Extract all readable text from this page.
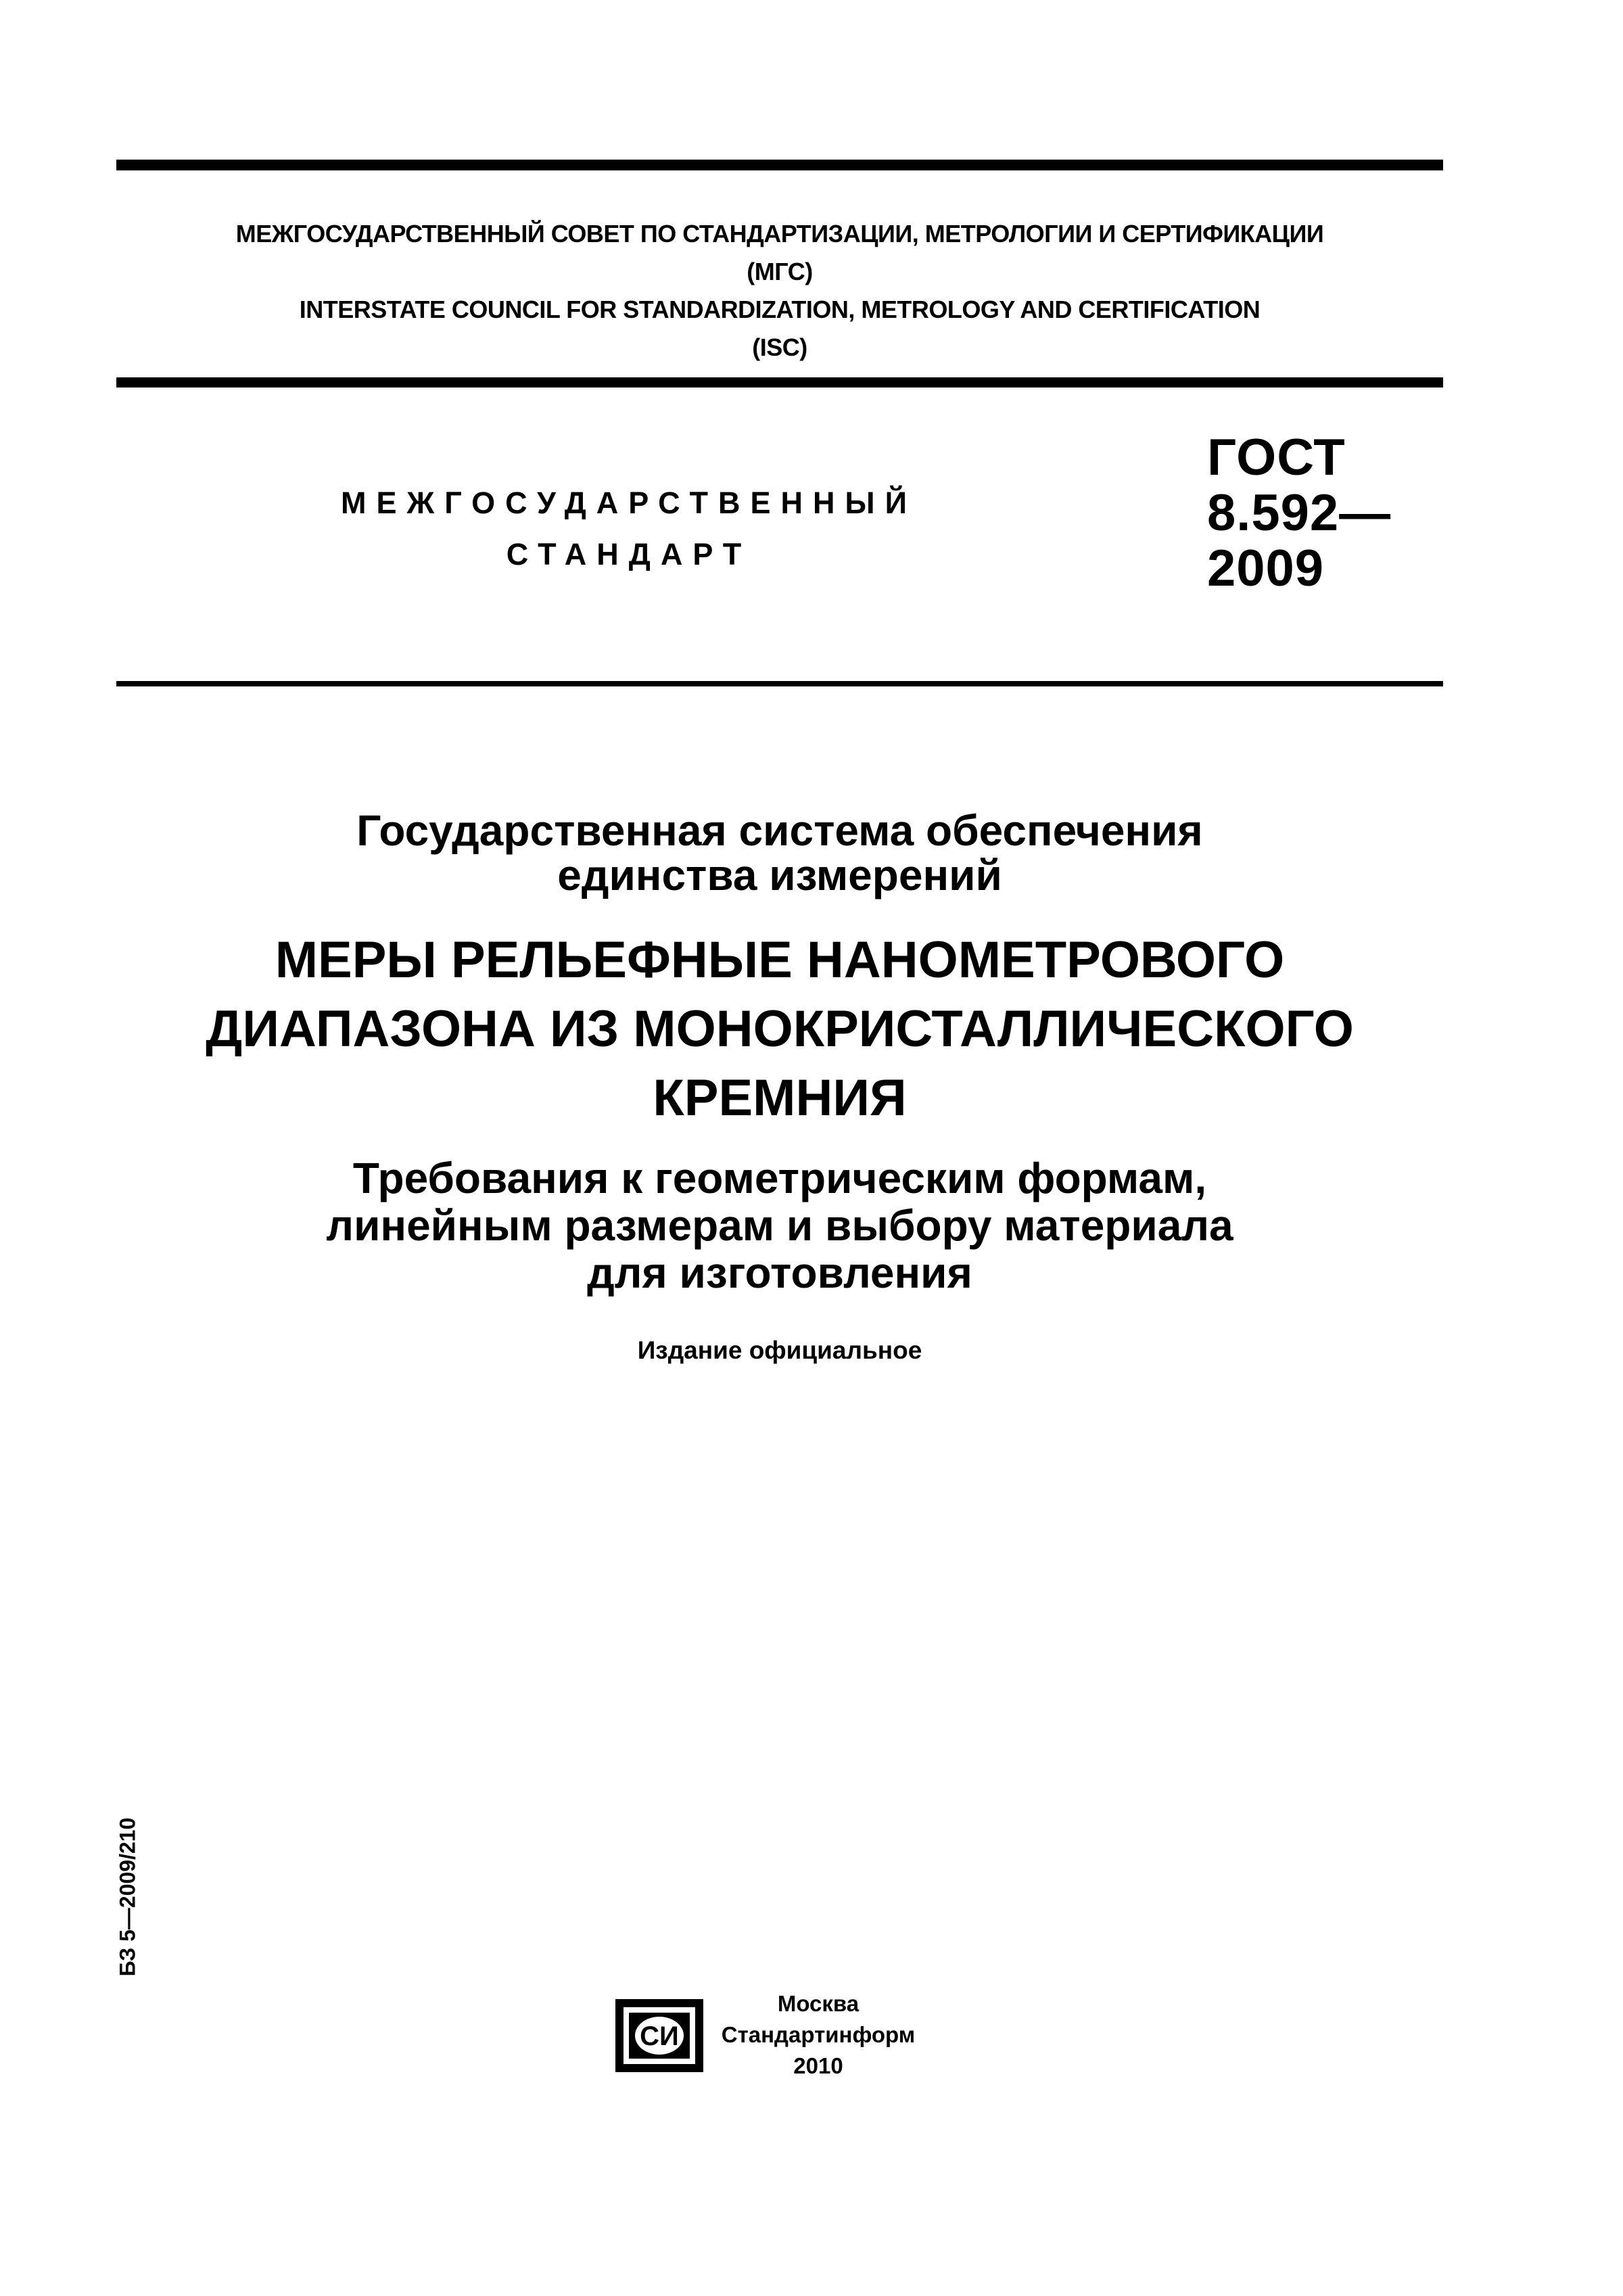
МЕЖГОСУДАРСТВЕННЫЙ СОВЕТ ПО СТАНДАРТИЗАЦИИ, МЕТРОЛОГИИ И СЕРТИФИКАЦИИ
(МГС)
INTERSTATE COUNCIL FOR STANDARDIZATION, METROLOGY AND CERTIFICATION
(ISC)
МЕЖГОСУДАРСТВЕННЫЙ
СТАНДАРТ
ГОСТ
8.592—
2009
Государственная система обеспечения
единства измерений
МЕРЫ РЕЛЬЕФНЫЕ НАНОМЕТРОВОГО
ДИАПАЗОНА ИЗ МОНОКРИСТАЛЛИЧЕСКОГО
КРЕМНИЯ
Требования к геометрическим формам,
линейным размерам и выбору материала
для изготовления
Издание официальное
БЗ 5—2009/210
СИ
Москва
Стандартинформ
2010
